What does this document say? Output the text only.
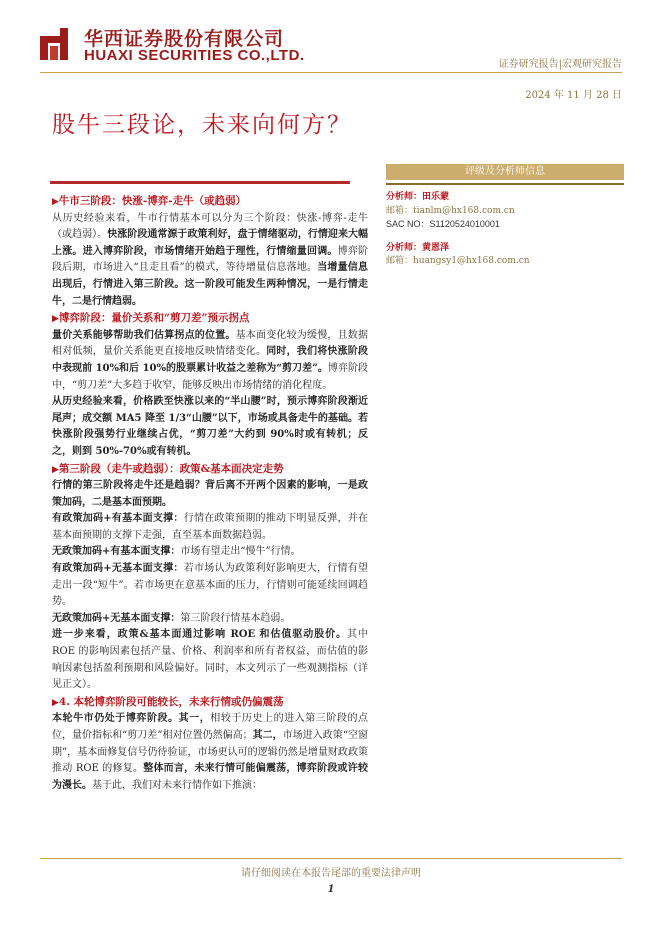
华西证券股份有限公司
HUAXI SECURITIES CO.,LTD.
证券研究报告|宏观研究报告
2024 年 11 月 28 日
股牛三段论，未来向何方？
▶牛市三阶段：快涨-博弈-走牛（或趋弱）

从历史经验来看，牛市行情基本可以分为三个阶段：快涨-博弈-走牛（或趋弱）。快涨阶段通常源于政策利好，盘于情绪驱动，行情迎来大幅上涨。进入博弈阶段，市场情绪开始趋于理性，行情缩量回调。博弈阶段后期，市场进入“且走且看”的模式，等待增量信息落地。当增量信息出现后，行情进入第三阶段。这一阶段可能发生两种情况，一是行情走牛，二是行情趋弱。

▶博弈阶段：量价关系和“剪刀差”预示拐点

量价关系能够帮助我们估算拐点的位置。基本面变化较为缓慢，且数据相对低频，量价关系能更直接地反映情绪变化。同时，我们将快涨阶段中表现前 10%和后 10%的股票累计收益之差称为“剪刀差”。博弈阶段中，“剪刀差”大多趋于收窄，能够反映出市场情绪的消化程度。

从历史经验来看，价格跌至快涨以来的“半山腰”时，预示博弈阶段渐近尾声；成交额 MA5 降至 1/3“山腰”以下，市场或具备走牛的基础。若快涨阶段强势行业继续占优，“剪刀差”大约到 90%时或有转机；反之，则到 50%-70%或有转机。

▶第三阶段（走牛或趋弱）：政策&基本面决定走势

行情的第三阶段将走牛还是趋弱？背后离不开两个因素的影响，一是政策加码，二是基本面预期。

有政策加码+有基本面支撑：行情在政策预期的推动下明显反弹，并在基本面预期的支撑下走强，直至基本面数据趋弱。

无政策加码+有基本面支撑：市场有望走出“慢牛”行情。

有政策加码+无基本面支撑：若市场认为政策利好影响更大，行情有望走出一段“短牛”。若市场更在意基本面的压力，行情则可能延续回调趋势。

无政策加码+无基本面支撑：第三阶段行情基本趋弱。

进一步来看，政策&基本面通过影响 ROE 和估值驱动股价。其中 ROE 的影响因素包括产量、价格、利润率和所有者权益，而估值的影响因素包括盈利预期和风险偏好。同时，本文列示了一些观测指标（详见正文）。

▶4. 本轮博弈阶段可能较长，未来行情或仍偏震荡

本轮牛市仍处于博弈阶段。其一，相较于历史上的进入第三阶段的点位，量价指标和“剪刀差”相对位置仍然偏高；其二，市场进入政策“空窗期”，基本面修复信号仍待验证，市场更认可的逻辑仍然是增量财政政策推动 ROE 的修复。整体而言，未来行情可能偏震荡，博弈阶段或许较为漫长。基于此，我们对未来行情作如下推演：

评级及分析师信息
分析师：田乐蒙
邮箱：tianlm@hx168.com.cn
SAC NO：S1120524010001
分析师：黄恩泽
邮箱：huangsy1@hx168.com.cn
请仔细阅读在本报告尾部的重要法律声明
1
